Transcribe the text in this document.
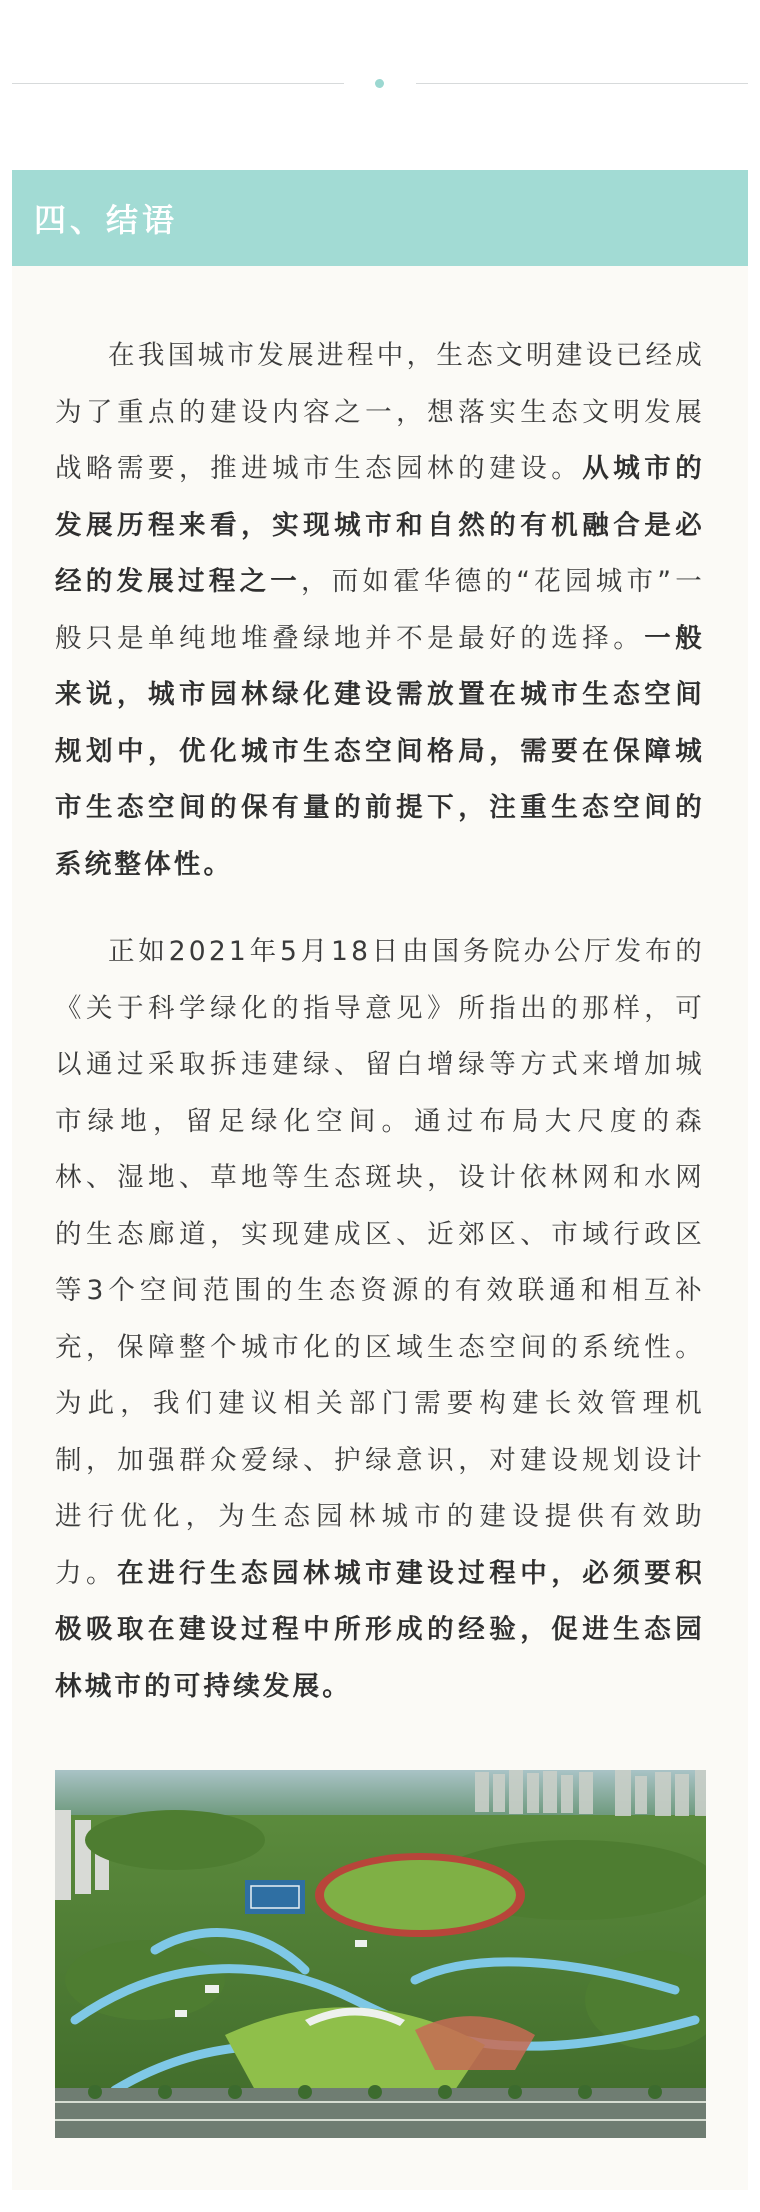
四、结语

在我国城市发展进程中，生态文明建设已经成为了重点的建设内容之一，想落实生态文明发展战略需要，推进城市生态园林的建设。从城市的发展历程来看，实现城市和自然的有机融合是必经的发展过程之一，而如霍华德的“花园城市”一般只是单纯地堆叠绿地并不是最好的选择。一般来说，城市园林绿化建设需放置在城市生态空间规划中，优化城市生态空间格局，需要在保障城市生态空间的保有量的前提下，注重生态空间的系统整体性。

正如2021年5月18日由国务院办公厅发布的《关于科学绿化的指导意见》所指出的那样，可以通过采取拆违建绿、留白增绿等方式来增加城市绿地，留足绿化空间。通过布局大尺度的森林、湿地、草地等生态斑块，设计依林网和水网的生态廊道，实现建成区、近郊区、市域行政区等3个空间范围的生态资源的有效联通和相互补充，保障整个城市化的区域生态空间的系统性。为此，我们建议相关部门需要构建长效管理机制，加强群众爱绿、护绿意识，对建设规划设计进行优化，为生态园林城市的建设提供有效助力。在进行生态园林城市建设过程中，必须要积极吸取在建设过程中所形成的经验，促进生态园林城市的可持续发展。
